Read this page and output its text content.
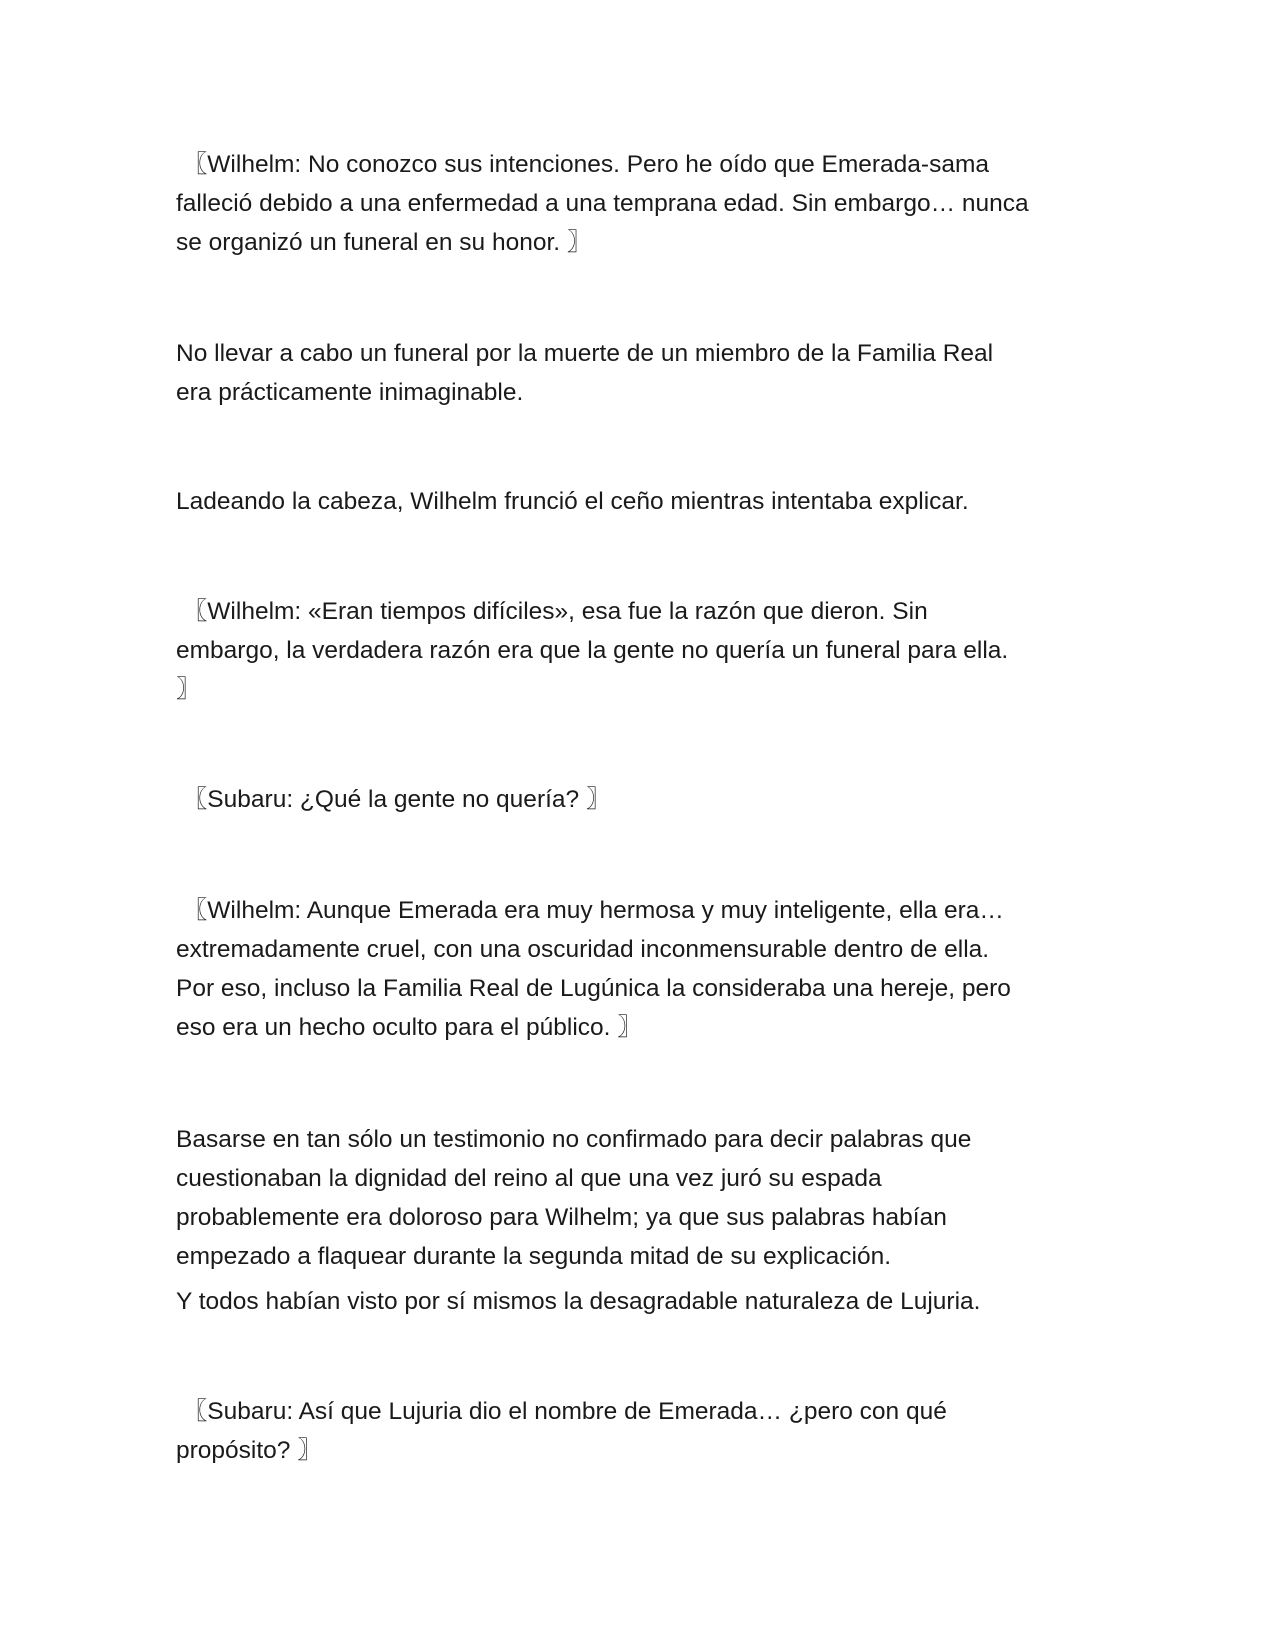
〖Wilhelm: No conozco sus intenciones. Pero he oído que Emerada-sama
falleció debido a una enfermedad a una temprana edad. Sin embargo… nunca
se organizó un funeral en su honor. 〗

No llevar a cabo un funeral por la muerte de un miembro de la Familia Real
era prácticamente inimaginable.

Ladeando la cabeza, Wilhelm frunció el ceño mientras intentaba explicar.

〖Wilhelm: «Eran tiempos difíciles», esa fue la razón que dieron. Sin
embargo, la verdadera razón era que la gente no quería un funeral para ella.
〗

〖Subaru: ¿Qué la gente no quería? 〗

〖Wilhelm: Aunque Emerada era muy hermosa y muy inteligente, ella era…
extremadamente cruel, con una oscuridad inconmensurable dentro de ella.
Por eso, incluso la Familia Real de Lugúnica la consideraba una hereje, pero
eso era un hecho oculto para el público. 〗

Basarse en tan sólo un testimonio no confirmado para decir palabras que
cuestionaban la dignidad del reino al que una vez juró su espada
probablemente era doloroso para Wilhelm; ya que sus palabras habían
empezado a flaquear durante la segunda mitad de su explicación.

Y todos habían visto por sí mismos la desagradable naturaleza de Lujuria.

〖Subaru: Así que Lujuria dio el nombre de Emerada… ¿pero con qué
propósito? 〗
